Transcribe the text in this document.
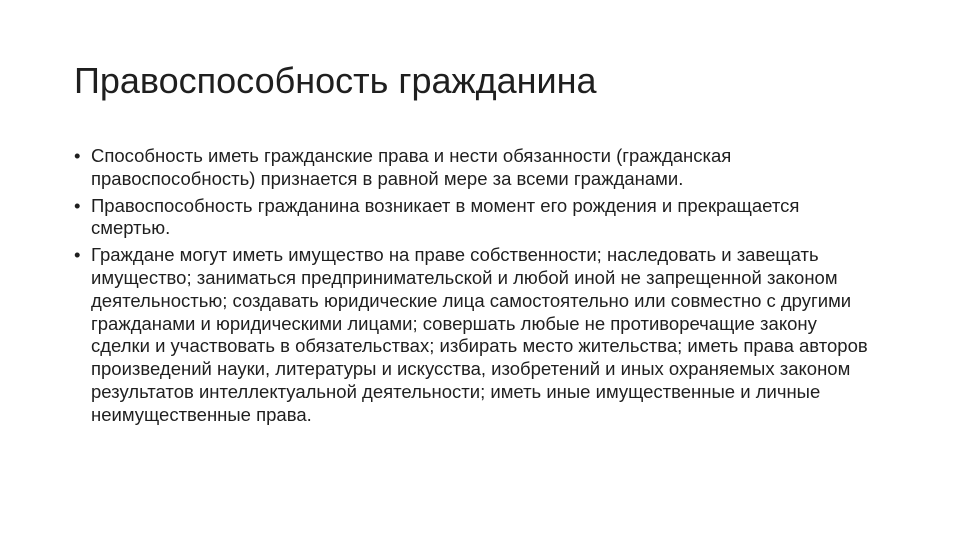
Правоспособность гражданина
• Способность иметь гражданские права и нести обязанности (гражданская правоспособность) признается в равной мере за всеми гражданами.
• Правоспособность гражданина возникает в момент его рождения и прекращается смертью.
• Граждане могут иметь имущество на праве собственности; наследовать и завещать имущество; заниматься предпринимательской и любой иной не запрещенной законом деятельностью; создавать юридические лица самостоятельно или совместно с другими гражданами и юридическими лицами; совершать любые не противоречащие закону сделки и участвовать в обязательствах; избирать место жительства; иметь права авторов произведений науки, литературы и искусства, изобретений и иных охраняемых законом результатов интеллектуальной деятельности; иметь иные имущественные и личные неимущественные права.
